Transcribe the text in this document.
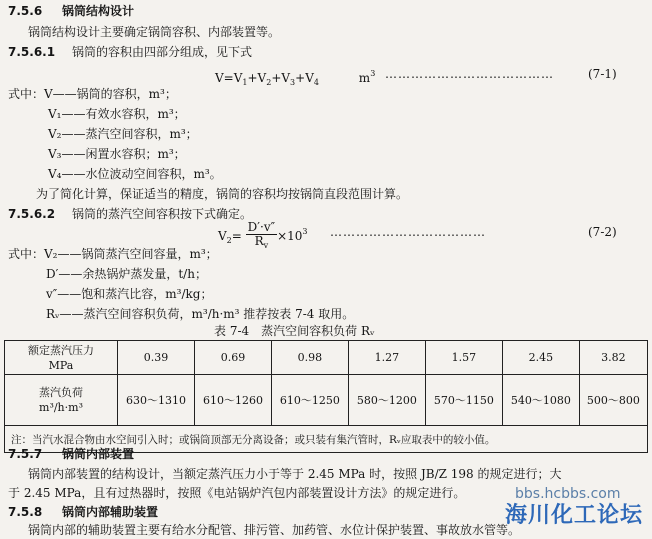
7.5.6 锅筒结构设计
锅筒结构设计主要确定锅筒容积、内部装置等。
7.5.6.1 锅筒的容积由四部分组成，见下式
$V=V_1+V_2+V_3+V_4$	$m^3$ …………………………………	(7-1)
式中：V——锅筒的容积，m³；
V₁——有效水容积，m³；
V₂——蒸汽空间容积，m³；
V₃——闲置水容积；m³；
V₄——水位波动空间容积，m³。
为了简化计算，保证适当的精度，锅筒的容积均按锅筒直段范围计算。
7.5.6.2 锅筒的蒸汽空间容积按下式确定。
$V_2= \frac{D'\cdot v''}{R_v} \times 10^3$ ………………………………	(7-2)
式中：V₂——锅筒蒸汽空间容量，m³；
D′——余热锅炉蒸发量，t/h；
v″——饱和蒸汽比容，m³/kg；
Rᵥ——蒸汽空间容积负荷，m³/h·m³ 推荐按表 7-4 取用。
表 7-4　蒸汽空间容积负荷 Rᵥ
额定蒸汽压力
MPa	0.39	0.69	0.98	1.27	1.57	2.45	3.82

蒸汽负荷
m³/h·m³	630～1310	610～1260	610～1250	580～1200	570～1150	540～1080	500～800
注：当汽水混合物由水空间引入时；或锅筒顶部无分离设备；或只装有集汽管时，Rᵥ应取表中的较小值。							
7.5.7 锅筒内部装置
锅筒内部装置的结构设计，当额定蒸汽压力小于等于 2.45 MPa 时，按照 JB/Z 198 的规定进行；大
于 2.45 MPa，且有过热器时，按照《电站锅炉汽包内部装置设计方法》的规定进行。	bbs.hcbbs.com
7.5.8 锅筒内部辅助装置
锅筒内部的辅助装置主要有给水分配管、排污管、加药管、水位计保护装置、事故放水管等。
海川化工论坛
